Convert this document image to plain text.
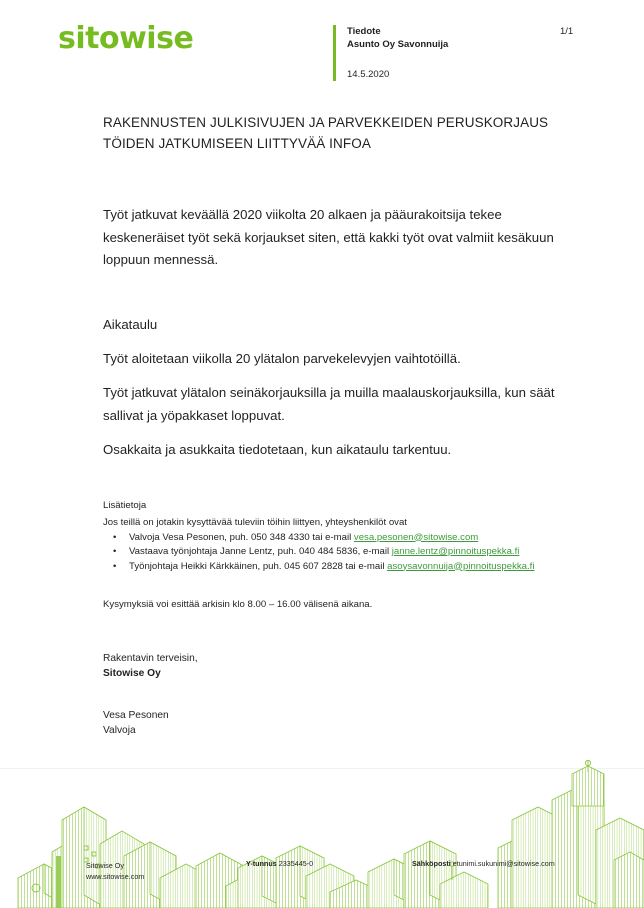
sitowise	Tiedote
Asunto Oy Savonnuija
14.5.2020
1/1
RAKENNUSTEN JULKISIVUJEN JA PARVEKKEIDEN PERUSKORJAUS TÖIDEN JATKUMISEEN LIITTYVÄÄ INFOA

Työt jatkuvat keväällä 2020 viikolta 20 alkaen ja pääurakoitsija tekee keskeneräiset työt sekä korjaukset siten, että kakki työt ovat valmiit kesäkuun loppuun mennessä.

Aikataulu

Työt aloitetaan viikolla 20 ylätalon parvekelevyjen vaihtotöillä.

Työt jatkuvat ylätalon seinäkorjauksilla ja muilla maalauskorjauksilla, kun säät sallivat ja yöpakkaset loppuvat.

Osakkaita ja asukkaita tiedotetaan, kun aikataulu tarkentuu.

Lisätietoja
Jos teillä on jotakin kysyttävää tuleviin töihin liittyen, yhteyshenkilöt ovat
• Valvoja Vesa Pesonen, puh. 050 348 4330 tai e-mail vesa.pesonen@sitowise.com
• Vastaava työnjohtaja Janne Lentz, puh. 040 484 5836, e-mail janne.lentz@pinnoituspekka.fi
• Työnjohtaja Heikki Kärkkäinen, puh. 045 607 2828 tai e-mail asoysavonnuija@pinnoituspekka.fi
Kysymyksiä voi esittää arkisin klo 8.00 – 16.00 välisenä aikana.
Rakentavin terveisin,
Sitowise Oy
Vesa Pesonen
Valvoja
Sitowise Oy
www.sitowise.com
Y-tunnus 2335445-0	Sähköposti etunimi.sukunimi@sitowise.com
